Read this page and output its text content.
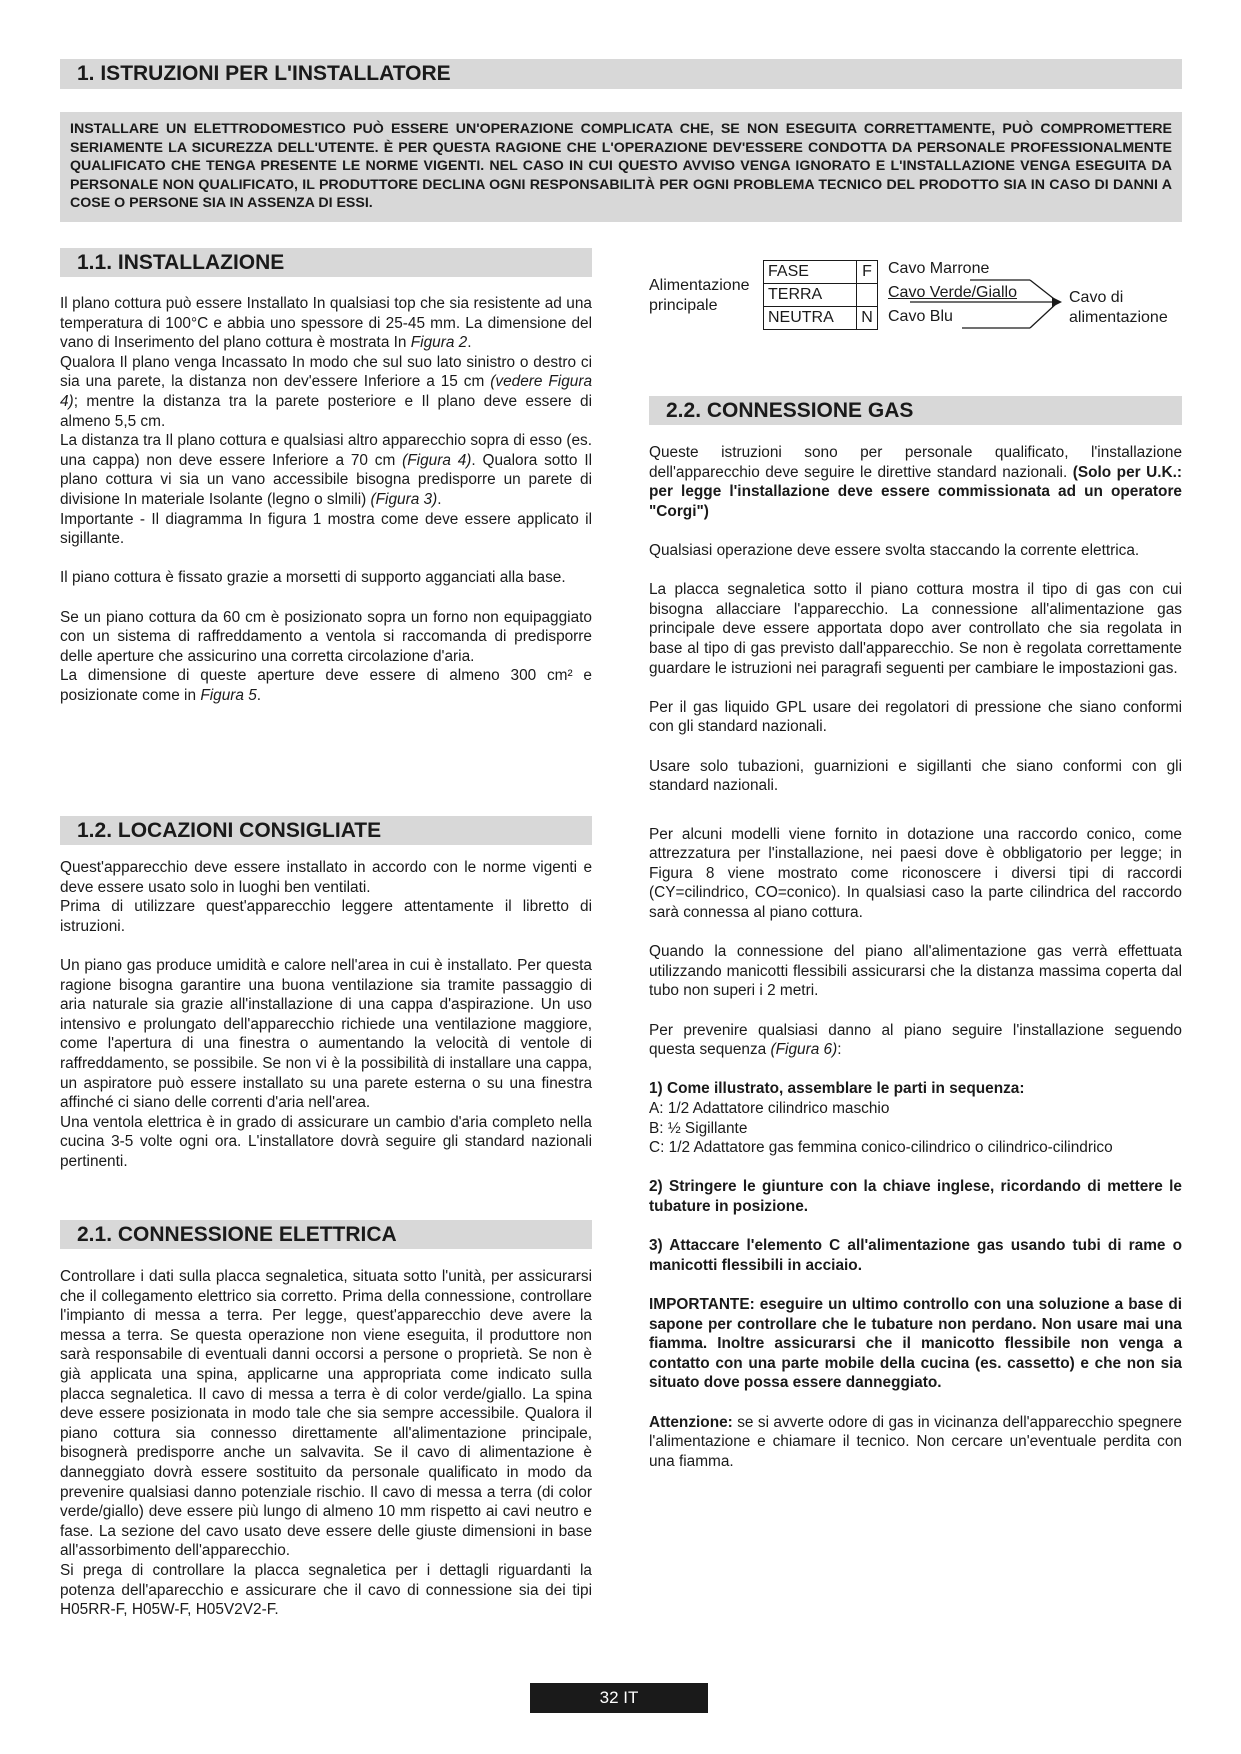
1. ISTRUZIONI PER L'INSTALLATORE

INSTALLARE UN ELETTRODOMESTICO PUÒ ESSERE UN'OPERAZIONE COMPLICATA CHE, SE NON ESEGUITA CORRETTAMENTE, PUÒ COMPROMETTERE SERIAMENTE LA SICUREZZA DELL'UTENTE. È PER QUESTA RAGIONE CHE L'OPERAZIONE DEV'ESSERE CONDOTTA DA PERSONALE PROFESSIONALMENTE QUALIFICATO CHE TENGA PRESENTE LE NORME VIGENTI. NEL CASO IN CUI QUESTO AVVISO VENGA IGNORATO E L'INSTALLAZIONE VENGA ESEGUITA DA PERSONALE NON QUALIFICATO, IL PRODUTTORE DECLINA OGNI RESPONSABILITÀ PER OGNI PROBLEMA TECNICO DEL PRODOTTO SIA IN CASO DI DANNI A COSE O PERSONE SIA IN ASSENZA DI ESSI.

1.1. INSTALLAZIONE

Il plano cottura può essere Installato In qualsiasi top che sia resistente ad una temperatura di 100°C e abbia uno spessore di 25-45 mm. La dimensione del vano di Inserimento del plano cottura è mostrata In Figura 2.

Qualora Il plano venga Incassato In modo che sul suo lato sinistro o destro ci sia una parete, la distanza non dev'essere Inferiore a 15 cm (vedere Figura 4); mentre la distanza tra la parete posteriore e Il plano deve essere di almeno 5,5 cm.

La distanza tra Il plano cottura e qualsiasi altro apparecchio sopra di esso (es. una cappa) non deve essere Inferiore a 70 cm (Figura 4). Qualora sotto Il plano cottura vi sia un vano accessibile bisogna predisporre un parete di divisione In materiale Isolante (legno o slmili) (Figura 3).

Importante - Il diagramma In figura 1 mostra come deve essere applicato il sigillante.

Il piano cottura è fissato grazie a morsetti di supporto agganciati alla base.

Se un piano cottura da 60 cm è posizionato sopra un forno non equipaggiato con un sistema di raffreddamento a ventola si raccomanda di predisporre delle aperture che assicurino una corretta circolazione d'aria.

La dimensione di queste aperture deve essere di almeno 300 cm² e posizionate come in Figura 5.

1.2. LOCAZIONI CONSIGLIATE

Quest'apparecchio deve essere installato in accordo con le norme vigenti e deve essere usato solo in luoghi ben ventilati.

Prima di utilizzare quest'apparecchio leggere attentamente il libretto di istruzioni.

Un piano gas produce umidità e calore nell'area in cui è installato. Per questa ragione bisogna garantire una buona ventilazione sia tramite passaggio di aria naturale sia grazie all'installazione di una cappa d'aspirazione. Un uso intensivo e prolungato dell'apparecchio richiede una ventilazione maggiore, come l'apertura di una finestra o aumentando la velocità di ventole di raffreddamento, se possibile. Se non vi è la possibilità di installare una cappa, un aspiratore può essere installato su una parete esterna o su una finestra affinché ci siano delle correnti d'aria nell'area.

Una ventola elettrica è in grado di assicurare un cambio d'aria completo nella cucina 3-5 volte ogni ora. L'installatore dovrà seguire gli standard nazionali pertinenti.

2.1. CONNESSIONE ELETTRICA

Controllare i dati sulla placca segnaletica, situata sotto l'unità, per assicurarsi che il collegamento elettrico sia corretto. Prima della connessione, controllare l'impianto di messa a terra. Per legge, quest'apparecchio deve avere la messa a terra. Se questa operazione non viene eseguita, il produttore non sarà responsabile di eventuali danni occorsi a persone o proprietà. Se non è già applicata una spina, applicarne una appropriata come indicato sulla placca segnaletica. Il cavo di messa a terra è di color verde/giallo. La spina deve essere posizionata in modo tale che sia sempre accessibile. Qualora il piano cottura sia connesso direttamente all'alimentazione principale, bisognerà predisporre anche un salvavita. Se il cavo di alimentazione è danneggiato dovrà essere sostituito da personale qualificato in modo da prevenire qualsiasi danno potenziale rischio. Il cavo di messa a terra (di color verde/giallo) deve essere più lungo di almeno 10 mm rispetto ai cavi neutro e fase. La sezione del cavo usato deve essere delle giuste dimensioni in base all'assorbimento dell'apparecchio.

Si prega di controllare la placca segnaletica per i dettagli riguardanti la potenza dell'aparecchio e assicurare che il cavo di connessione sia dei tipi H05RR-F, H05W-F, H05V2V2-F.

Alimentazione
principale
FASE	F
TERRA	
NEUTRA	N
Cavo Marrone
Cavo Verde/Giallo
Cavo Blu
Cavo di
alimentazione
2.2. CONNESSIONE GAS

Queste istruzioni sono per personale qualificato, l'installazione dell'apparecchio deve seguire le direttive standard nazionali. (Solo per U.K.: per legge l'installazione deve essere commissionata ad un operatore "Corgi")

Qualsiasi operazione deve essere svolta staccando la corrente elettrica.

La placca segnaletica sotto il piano cottura mostra il tipo di gas con cui bisogna allacciare l'apparecchio. La connessione all'alimentazione gas principale deve essere apportata dopo aver controllato che sia regolata in base al tipo di gas previsto dall'apparecchio. Se non è regolata correttamente guardare le istruzioni nei paragrafi seguenti per cambiare le impostazioni gas.

Per il gas liquido GPL usare dei regolatori di pressione che siano conformi con gli standard nazionali.

Usare solo tubazioni, guarnizioni e sigillanti che siano conformi con gli standard nazionali.

Per alcuni modelli viene fornito in dotazione una raccordo conico, come attrezzatura per l'installazione, nei paesi dove è obbligatorio per legge; in Figura 8 viene mostrato come riconoscere i diversi tipi di raccordi (CY=cilindrico, CO=conico). In qualsiasi caso la parte cilindrica del raccordo sarà connessa al piano cottura.

Quando la connessione del piano all'alimentazione gas verrà effettuata utilizzando manicotti flessibili assicurarsi che la distanza massima coperta dal tubo non superi i 2 metri.

Per prevenire qualsiasi danno al piano seguire l'installazione seguendo questa sequenza (Figura 6):

1) Come illustrato, assemblare le parti in sequenza:

A: 1/2 Adattatore cilindrico maschio

B: ½ Sigillante

C: 1/2 Adattatore gas femmina conico-cilindrico o cilindrico-cilindrico

2) Stringere le giunture con la chiave inglese, ricordando di mettere le tubature in posizione.

3) Attaccare l'elemento C all'alimentazione gas usando tubi di rame o manicotti flessibili in acciaio.

IMPORTANTE: eseguire un ultimo controllo con una soluzione a base di sapone per controllare che le tubature non perdano. Non usare mai una fiamma. Inoltre assicurarsi che il manicotto flessibile non venga a contatto con una parte mobile della cucina (es. cassetto) e che non sia situato dove possa essere danneggiato.

Attenzione: se si avverte odore di gas in vicinanza dell'apparecchio spegnere l'alimentazione e chiamare il tecnico. Non cercare un'eventuale perdita con una fiamma.

32 IT
